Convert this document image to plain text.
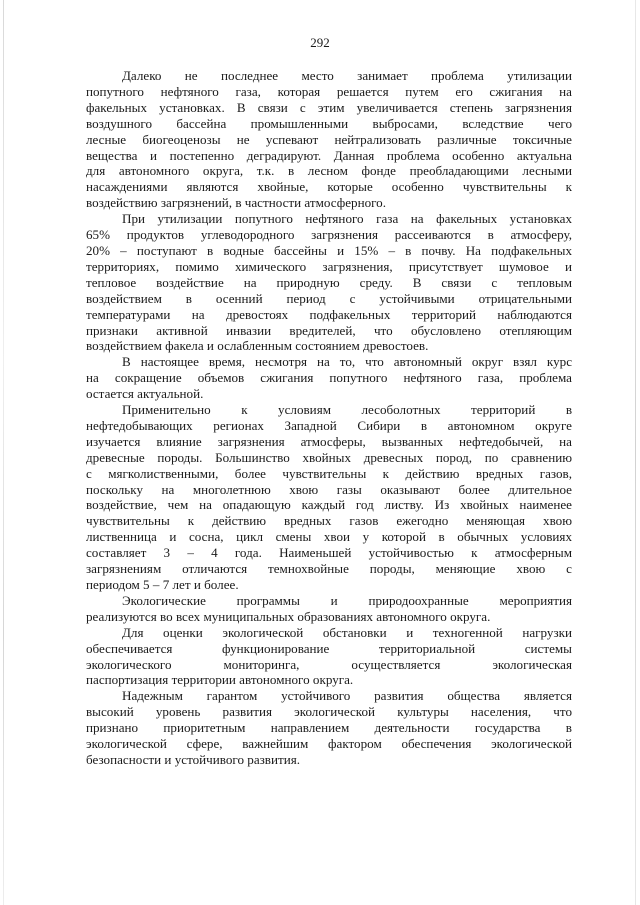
292

Далеко не последнее место занимает проблема утилизации
попутного нефтяного газа, которая решается путем его сжигания на
факельных установках. В связи с этим увеличивается степень загрязнения
воздушного бассейна промышленными выбросами, вследствие чего
лесные биогеоценозы не успевают нейтрализовать различные токсичные
вещества и постепенно деградируют. Данная проблема особенно актуальна
для автономного округа, т.к. в лесном фонде преобладающими лесными
насаждениями являются хвойные, которые особенно чувствительны к
воздействию загрязнений, в частности атмосферного.

При утилизации попутного нефтяного газа на факельных установках
65% продуктов углеводородного загрязнения рассеиваются в атмосферу,
20% – поступают в водные бассейны и 15% – в почву. На подфакельных
территориях, помимо химического загрязнения, присутствует шумовое и
тепловое воздействие на природную среду. В связи с тепловым
воздействием в осенний период с устойчивыми отрицательными
температурами на древостоях подфакельных территорий наблюдаются
признаки активной инвазии вредителей, что обусловлено отепляющим
воздействием факела и ослабленным состоянием древостоев.

В настоящее время, несмотря на то, что автономный округ взял курс
на сокращение объемов сжигания попутного нефтяного газа, проблема
остается актуальной.

Применительно к условиям лесоболотных территорий в
нефтедобывающих регионах Западной Сибири в автономном округе
изучается влияние загрязнения атмосферы, вызванных нефтедобычей, на
древесные породы. Большинство хвойных древесных пород, по сравнению
с мягколиственными, более чувствительны к действию вредных газов,
поскольку на многолетнюю хвою газы оказывают более длительное
воздействие, чем на опадающую каждый год листву. Из хвойных наименее
чувствительны к действию вредных газов ежегодно меняющая хвою
лиственница и сосна, цикл смены хвои у которой в обычных условиях
составляет 3 – 4 года. Наименьшей устойчивостью к атмосферным
загрязнениям отличаются темнохвойные породы, меняющие хвою с
периодом 5 – 7 лет и более.

Экологические программы и природоохранные мероприятия
реализуются во всех муниципальных образованиях автономного округа.

Для оценки экологической обстановки и техногенной нагрузки
обеспечивается функционирование территориальной системы
экологического мониторинга, осуществляется экологическая
паспортизация территории автономного округа.

Надежным гарантом устойчивого развития общества является
высокий уровень развития экологической культуры населения, что
признано приоритетным направлением деятельности государства в
экологической сфере, важнейшим фактором обеспечения экологической
безопасности и устойчивого развития.
